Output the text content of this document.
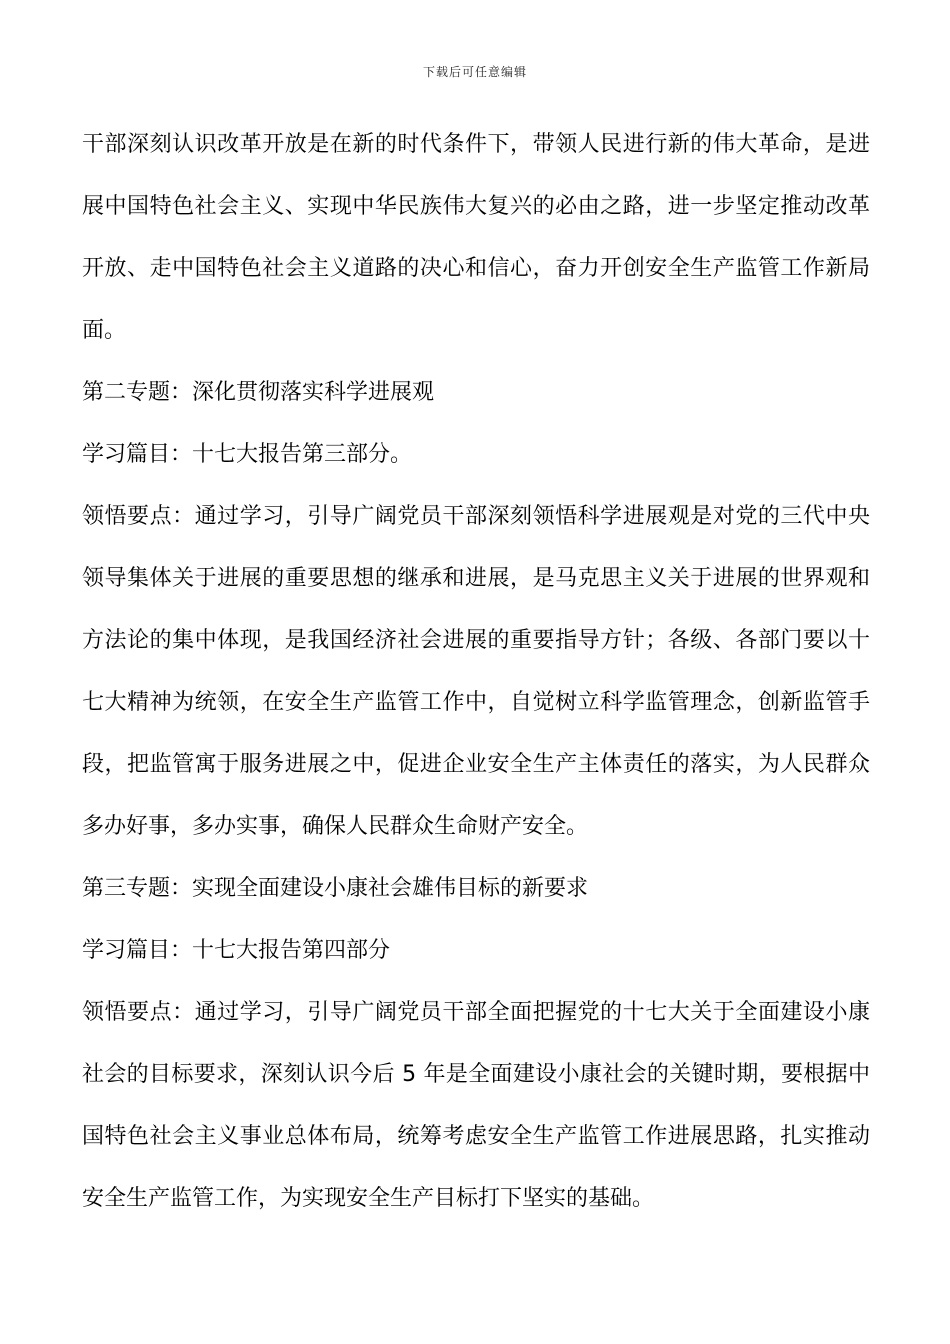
下载后可任意编辑

干部深刻认识改革开放是在新的时代条件下，带领人民进行新的伟大革命，是进展中国特色社会主义、实现中华民族伟大复兴的必由之路，进一步坚定推动改革开放、走中国特色社会主义道路的决心和信心，奋力开创安全生产监管工作新局面。

第二专题：深化贯彻落实科学进展观

学习篇目：十七大报告第三部分。

领悟要点：通过学习，引导广阔党员干部深刻领悟科学进展观是对党的三代中央领导集体关于进展的重要思想的继承和进展，是马克思主义关于进展的世界观和方法论的集中体现，是我国经济社会进展的重要指导方针；各级、各部门要以十七大精神为统领，在安全生产监管工作中，自觉树立科学监管理念，创新监管手段，把监管寓于服务进展之中，促进企业安全生产主体责任的落实，为人民群众多办好事，多办实事，确保人民群众生命财产安全。

第三专题：实现全面建设小康社会雄伟目标的新要求

学习篇目：十七大报告第四部分

领悟要点：通过学习，引导广阔党员干部全面把握党的十七大关于全面建设小康社会的目标要求，深刻认识今后 5 年是全面建设小康社会的关键时期，要根据中国特色社会主义事业总体布局，统筹考虑安全生产监管工作进展思路，扎实推动安全生产监管工作，为实现安全生产目标打下坚实的基础。
